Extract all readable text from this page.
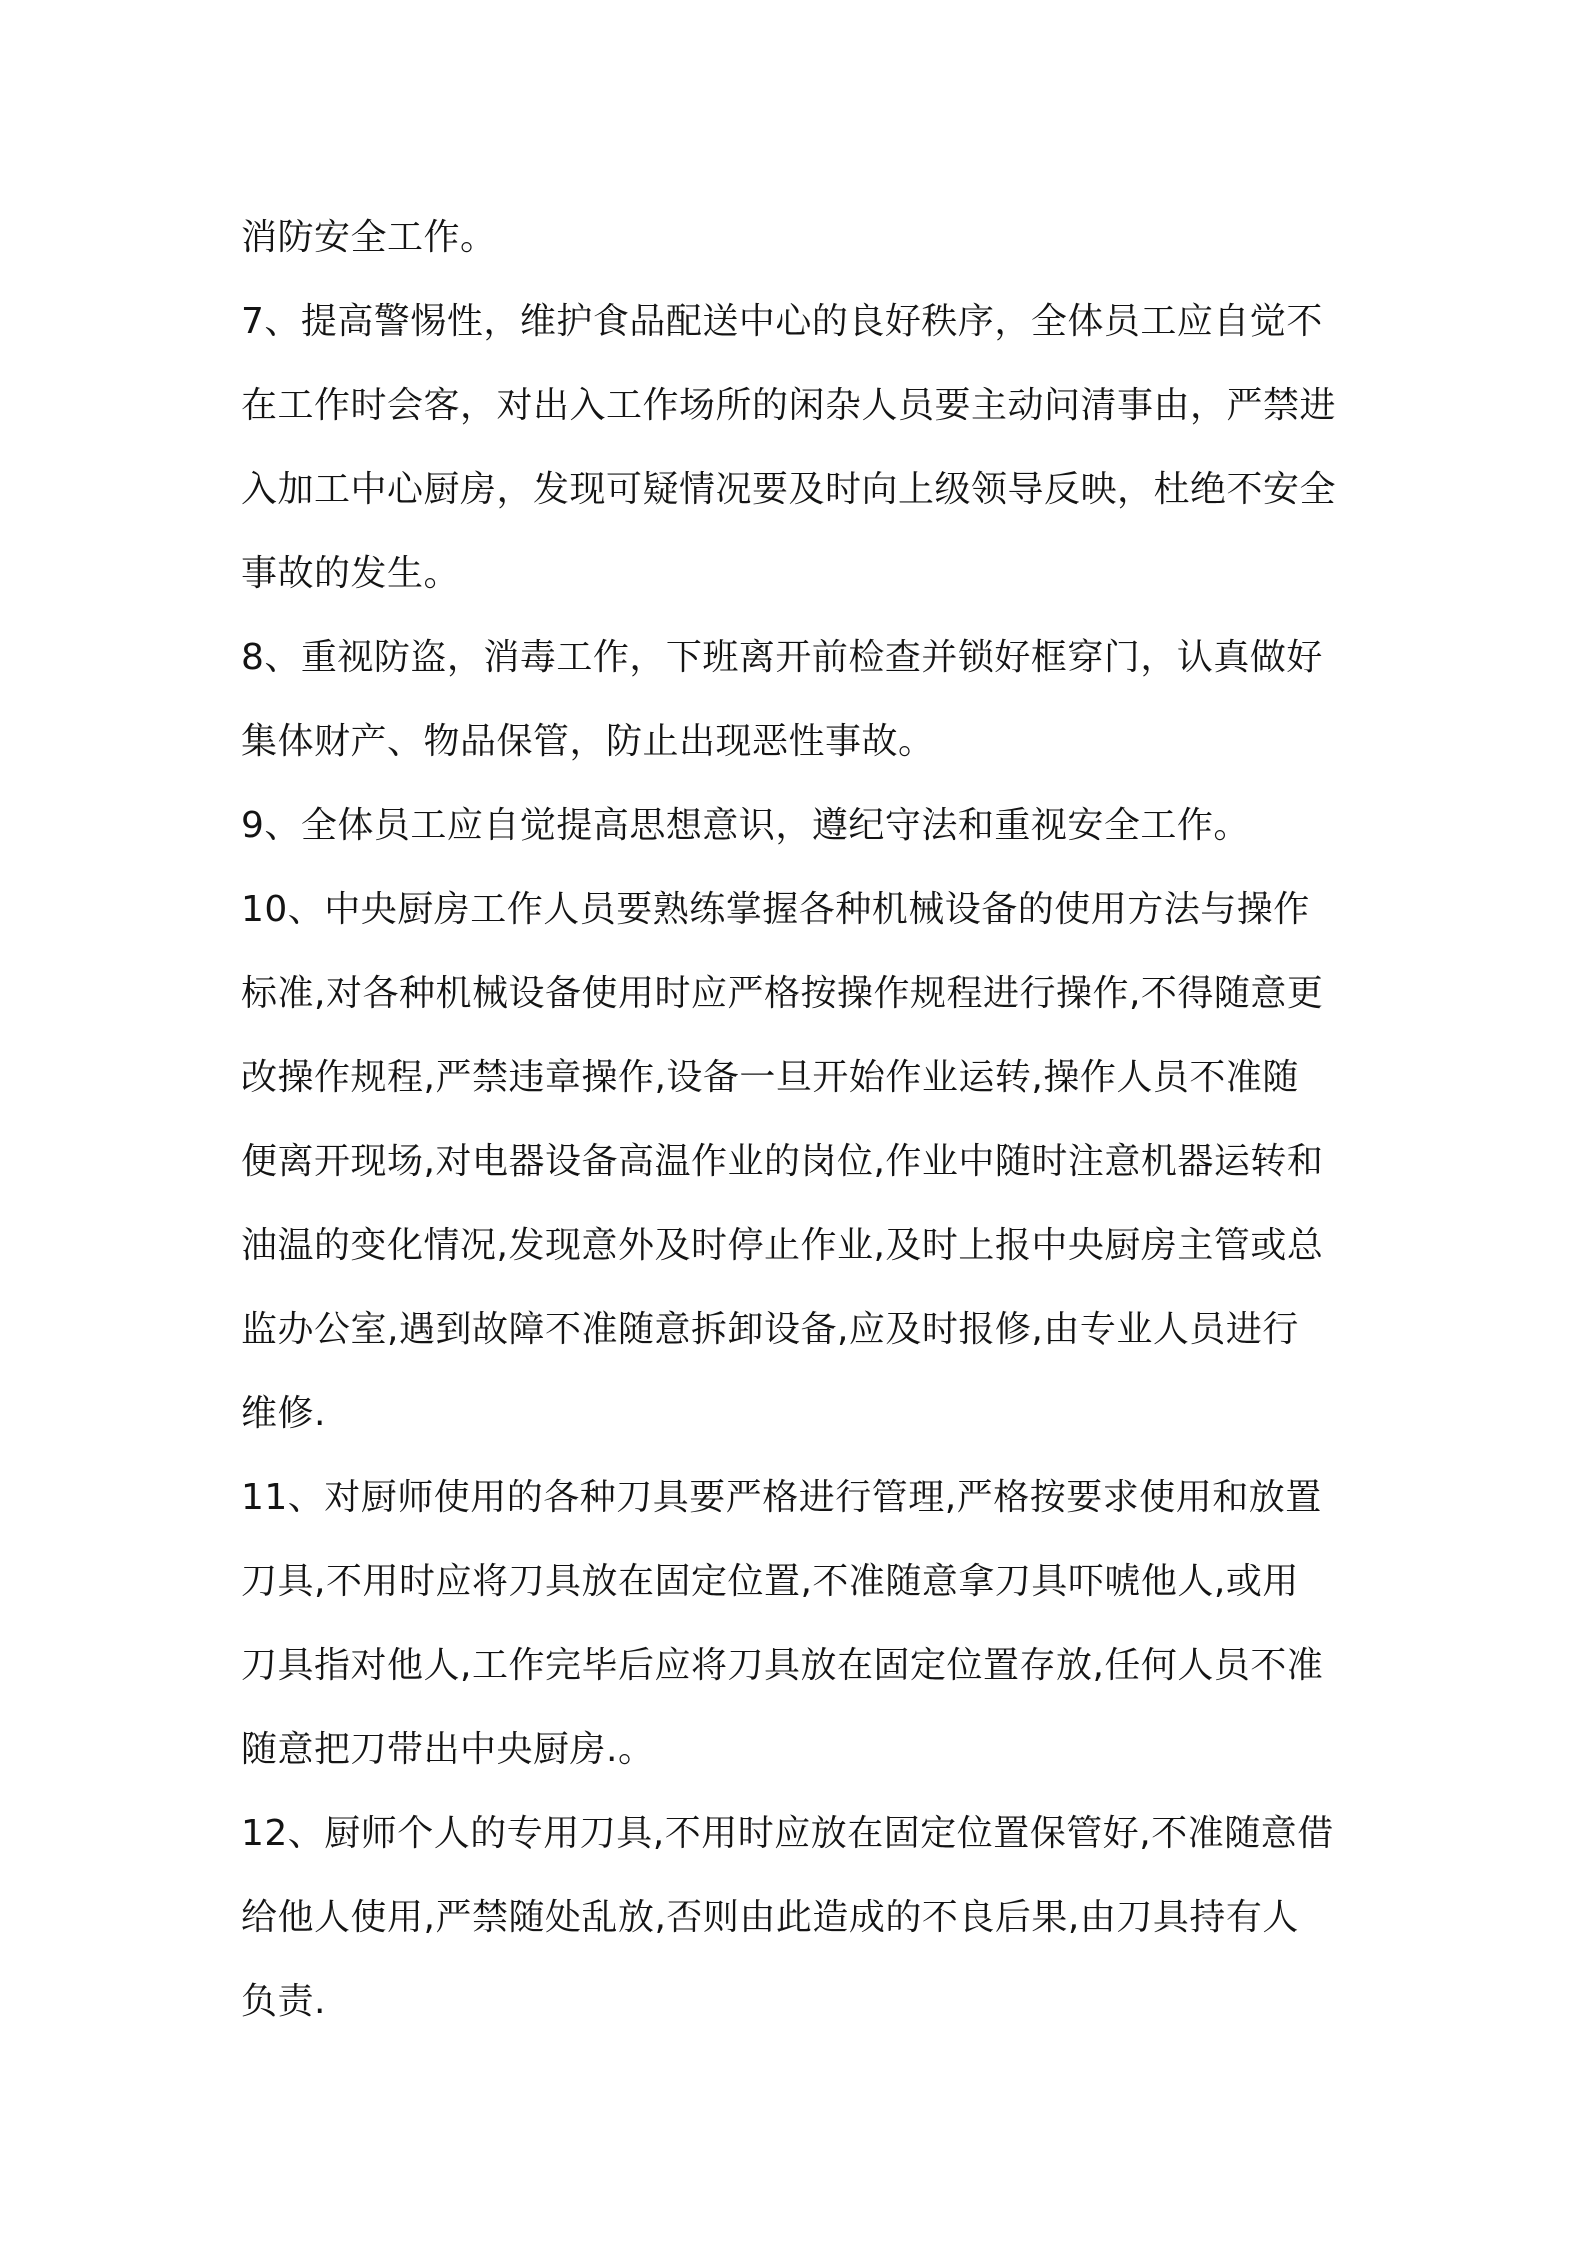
消防安全工作。
7、提高警惕性，维护食品配送中心的良好秩序，全体员工应自觉不
在工作时会客，对出入工作场所的闲杂人员要主动问清事由，严禁进
入加工中心厨房，发现可疑情况要及时向上级领导反映，杜绝不安全
事故的发生。
8、重视防盗，消毒工作，下班离开前检查并锁好框穿门，认真做好
集体财产、物品保管，防止出现恶性事故。
9、全体员工应自觉提高思想意识，遵纪守法和重视安全工作。
10、中央厨房工作人员要熟练掌握各种机械设备的使用方法与操作
标准,对各种机械设备使用时应严格按操作规程进行操作,不得随意更
改操作规程,严禁违章操作,设备一旦开始作业运转,操作人员不准随
便离开现场,对电器设备高温作业的岗位,作业中随时注意机器运转和
油温的变化情况,发现意外及时停止作业,及时上报中央厨房主管或总
监办公室,遇到故障不准随意拆卸设备,应及时报修,由专业人员进行
维修.
11、对厨师使用的各种刀具要严格进行管理,严格按要求使用和放置
刀具,不用时应将刀具放在固定位置,不准随意拿刀具吓唬他人,或用
刀具指对他人,工作完毕后应将刀具放在固定位置存放,任何人员不准
随意把刀带出中央厨房.。
12、厨师个人的专用刀具,不用时应放在固定位置保管好,不准随意借
给他人使用,严禁随处乱放,否则由此造成的不良后果,由刀具持有人
负责.
